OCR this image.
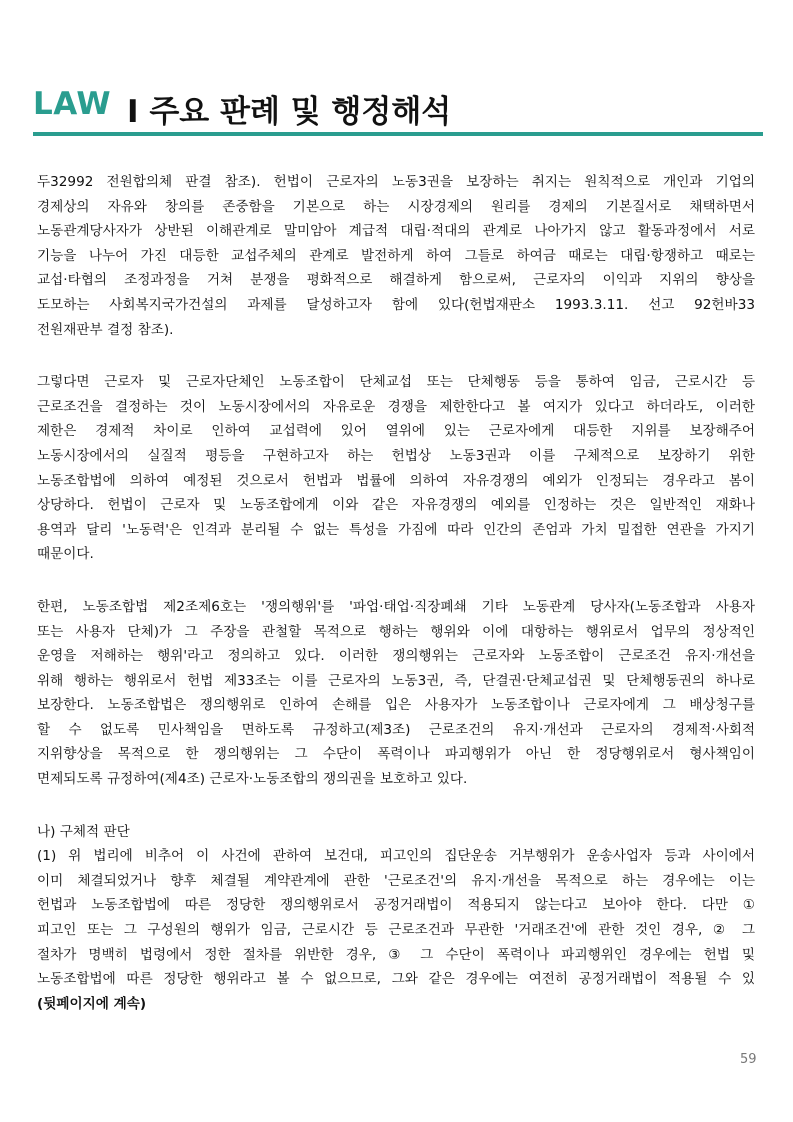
LAW I 주요 판례 및 행정해석
두32992 전원합의체 판결 참조). 헌법이 근로자의 노동3권을 보장하는 취지는 원칙적으로 개인과 기업의
경제상의 자유와 창의를 존중함을 기본으로 하는 시장경제의 원리를 경제의 기본질서로 채택하면서
노동관계당사자가 상반된 이해관계로 말미암아 계급적 대립·적대의 관계로 나아가지 않고 활동과정에서 서로
기능을 나누어 가진 대등한 교섭주체의 관계로 발전하게 하여 그들로 하여금 때로는 대립·항쟁하고 때로는
교섭·타협의 조정과정을 거쳐 분쟁을 평화적으로 해결하게 함으로써, 근로자의 이익과 지위의 향상을
도모하는 사회복지국가건설의 과제를 달성하고자 함에 있다(헌법재판소 1993.3.11. 선고 92헌바33
전원재판부 결정 참조).
그렇다면 근로자 및 근로자단체인 노동조합이 단체교섭 또는 단체행동 등을 통하여 임금, 근로시간 등
근로조건을 결정하는 것이 노동시장에서의 자유로운 경쟁을 제한한다고 볼 여지가 있다고 하더라도, 이러한
제한은 경제적 차이로 인하여 교섭력에 있어 열위에 있는 근로자에게 대등한 지위를 보장해주어
노동시장에서의 실질적 평등을 구현하고자 하는 헌법상 노동3권과 이를 구체적으로 보장하기 위한
노동조합법에 의하여 예정된 것으로서 헌법과 법률에 의하여 자유경쟁의 예외가 인정되는 경우라고 봄이
상당하다. 헌법이 근로자 및 노동조합에게 이와 같은 자유경쟁의 예외를 인정하는 것은 일반적인 재화나
용역과 달리 '노동력'은 인격과 분리될 수 없는 특성을 가짐에 따라 인간의 존엄과 가치 밀접한 연관을 가지기
때문이다.
한편, 노동조합법 제2조제6호는 '쟁의행위'를 '파업·태업·직장폐쇄 기타 노동관계 당사자(노동조합과 사용자
또는 사용자 단체)가 그 주장을 관철할 목적으로 행하는 행위와 이에 대항하는 행위로서 업무의 정상적인
운영을 저해하는 행위'라고 정의하고 있다. 이러한 쟁의행위는 근로자와 노동조합이 근로조건 유지·개선을
위해 행하는 행위로서 헌법 제33조는 이를 근로자의 노동3권, 즉, 단결권·단체교섭권 및 단체행동권의 하나로
보장한다. 노동조합법은 쟁의행위로 인하여 손해를 입은 사용자가 노동조합이나 근로자에게 그 배상청구를
할 수 없도록 민사책임을 면하도록 규정하고(제3조) 근로조건의 유지·개선과 근로자의 경제적·사회적
지위향상을 목적으로 한 쟁의행위는 그 수단이 폭력이나 파괴행위가 아닌 한 정당행위로서 형사책임이
면제되도록 규정하여(제4조) 근로자·노동조합의 쟁의권을 보호하고 있다.
나) 구체적 판단
(1) 위 법리에 비추어 이 사건에 관하여 보건대, 피고인의 집단운송 거부행위가 운송사업자 등과 사이에서
이미 체결되었거나 향후 체결될 계약관계에 관한 '근로조건'의 유지·개선을 목적으로 하는 경우에는 이는
헌법과 노동조합법에 따른 정당한 쟁의행위로서 공정거래법이 적용되지 않는다고 보아야 한다. 다만 ①
피고인 또는 그 구성원의 행위가 임금, 근로시간 등 근로조건과 무관한 '거래조건'에 관한 것인 경우, ② 그
절차가 명백히 법령에서 정한 절차를 위반한 경우, ③ 그 수단이 폭력이나 파괴행위인 경우에는 헌법 및
노동조합법에 따른 정당한 행위라고 볼 수 없으므로, 그와 같은 경우에는 여전히 공정거래법이 적용될 수 있
(뒷페이지에 계속)
59
